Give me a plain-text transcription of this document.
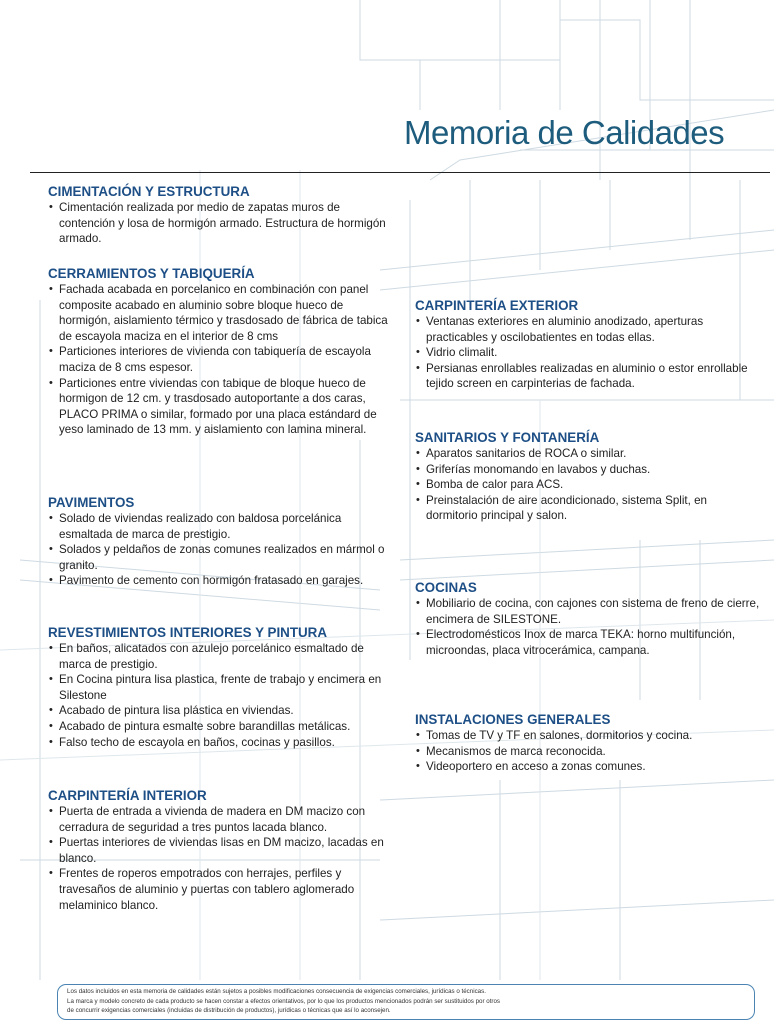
Memoria de Calidades
CIMENTACIÓN Y ESTRUCTURA
• Cimentación realizada por medio de zapatas muros de contención y losa de hormigón armado. Estructura de hormigón armado.
CERRAMIENTOS Y TABIQUERÍA
• Fachada acabada en porcelanico en combinación con panel composite acabado en aluminio sobre bloque hueco de hormigón, aislamiento térmico y trasdosado de fábrica de tabica de escayola maciza en el interior de 8 cms
• Particiones interiores de vivienda con tabiquería de escayola maciza de 8 cms espesor.
• Particiones entre viviendas con tabique de bloque hueco de hormigon de 12 cm. y trasdosado autoportante a dos caras, PLACO PRIMA o similar, formado por una placa estándard de yeso laminado de 13 mm. y aislamiento con lamina mineral.
PAVIMENTOS
• Solado de viviendas realizado con baldosa porcelánica esmaltada de marca de prestigio.
• Solados y peldaños de zonas comunes realizados en mármol o granito.
• Pavimento de cemento con hormigón fratasado en garajes.
REVESTIMIENTOS INTERIORES Y PINTURA
• En baños, alicatados con azulejo porcelánico esmaltado de marca de prestigio.
• En Cocina pintura lisa plastica, frente de trabajo y encimera en Silestone
• Acabado de pintura lisa plástica en viviendas.
• Acabado de pintura esmalte sobre barandillas metálicas.
• Falso techo de escayola en baños, cocinas y pasillos.
CARPINTERÍA INTERIOR
• Puerta de entrada a vivienda de madera en DM macizo con cerradura de seguridad a tres puntos lacada blanco.
• Puertas interiores de viviendas lisas en DM macizo, lacadas en blanco.
• Frentes de roperos empotrados con herrajes, perfiles y travesaños de aluminio y puertas con tablero aglomerado melaminico blanco.
CARPINTERÍA EXTERIOR
• Ventanas exteriores en aluminio anodizado, aperturas practicables y oscilobatientes en todas ellas.
• Vidrio climalit.
• Persianas enrollables realizadas en aluminio o estor enrollable tejido screen en carpinterias de fachada.
SANITARIOS Y FONTANERÍA
• Aparatos sanitarios de ROCA o similar.
• Griferías monomando en lavabos y duchas.
• Bomba de calor para ACS.
• Preinstalación de aire acondicionado, sistema Split, en dormitorio principal y salon.
COCINAS
• Mobiliario de cocina, con cajones con sistema de freno de cierre, encimera de SILESTONE.
• Electrodomésticos Inox de marca TEKA: horno multifunción, microondas, placa vitrocerámica, campana.
INSTALACIONES GENERALES
• Tomas de TV y TF en salones, dormitorios y cocina.
• Mecanismos de marca reconocida.
• Videoportero en acceso a zonas comunes.

Los datos incluidos en esta memoria de calidades están sujetos a posibles modificaciones consecuencia de exigencias comerciales, jurídicas o técnicas.

La marca y modelo concreto de cada producto se hacen constar a efectos orientativos, por lo que los productos mencionados podrán ser sustituidos por otros

de concurrir exigencias comerciales (incluidas de distribución de productos), jurídicas o técnicas que así lo aconsejen.
